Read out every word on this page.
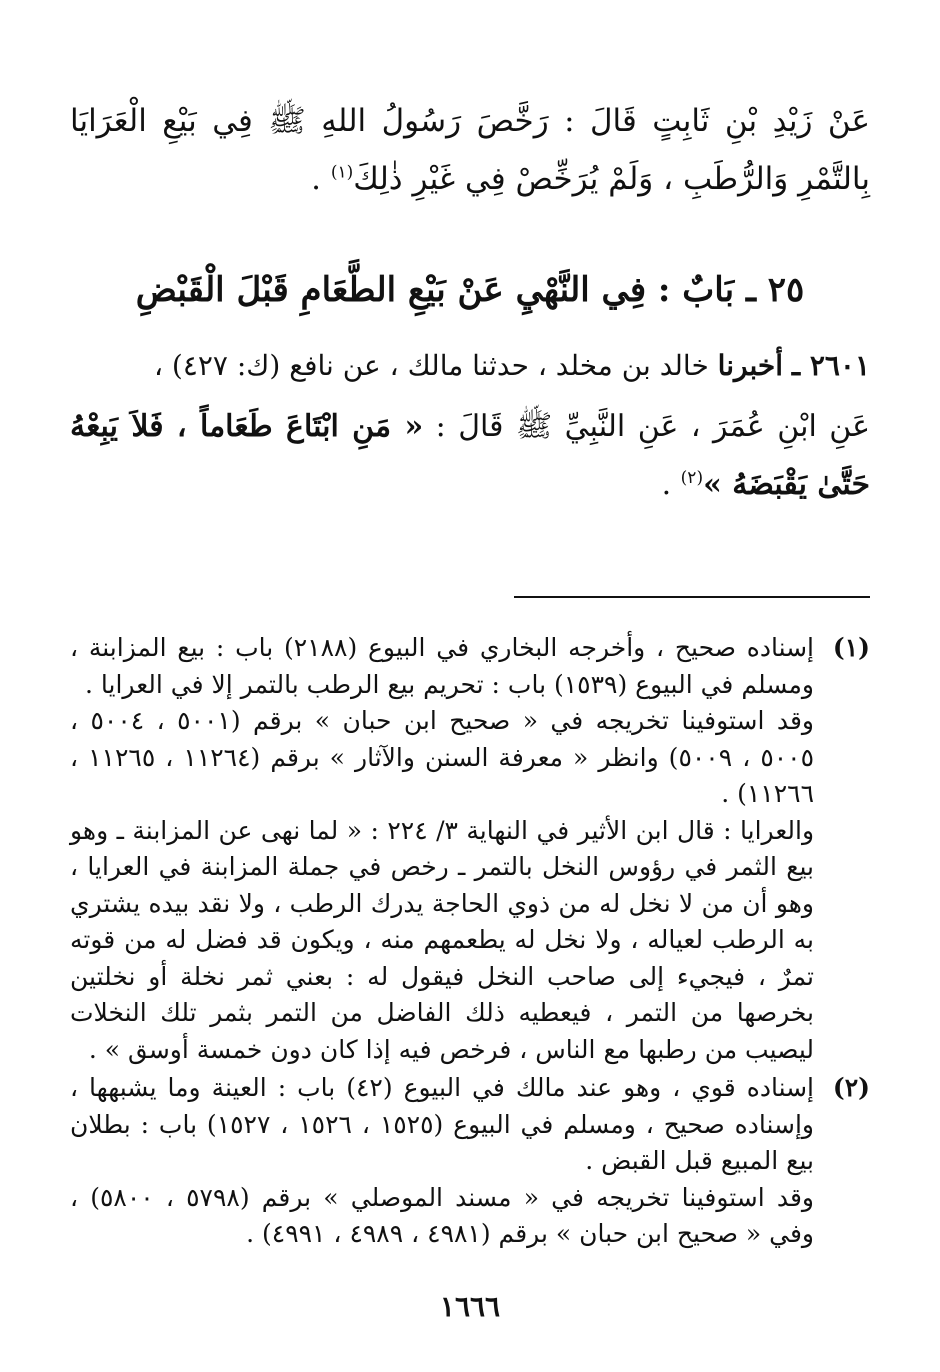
عَنْ زَيْدِ بْنِ ثَابِتٍ قَالَ : رَخَّصَ رَسُولُ اللهِ ﷺ فِي بَيْعِ الْعَرَايَا بِالتَّمْرِ وَالرُّطَبِ ، وَلَمْ يُرَخِّصْ فِي غَيْرِ ذٰلِكَ$^{(١)}$ .
٢٥ ـ بَابٌ : فِي النَّهْيِ عَنْ بَيْعِ الطَّعَامِ قَبْلَ الْقَبْضِ
٢٦٠١ ـ أخبرنا خالد بن مخلد ، حدثنا مالك ، عن نافع (ك: ٤٢٧) ،
عَنِ ابْنِ عُمَرَ ، عَنِ النَّبِيِّ ﷺ قَالَ : « مَنِ ابْتَاعَ طَعَاماً ، فَلاَ يَبِعْهُ حَتَّىٰ يَقْبَضَهُ »$^{(٢)}$ .
(١)

إسناده صحيح ، وأخرجه البخاري في البيوع (٢١٨٨) باب : بيع المزابنة ، ومسلم في البيوع (١٥٣٩) باب : تحريم بيع الرطب بالتمر إلا في العرايا .

وقد استوفينا تخريجه في « صحيح ابن حبان » برقم (٥٠٠١ ، ٥٠٠٤ ، ٥٠٠٥ ، ٥٠٠٩) وانظر « معرفة السنن والآثار » برقم (١١٢٦٤ ، ١١٢٦٥ ، ١١٢٦٦) .

والعرايا : قال ابن الأثير في النهاية ٣/ ٢٢٤ : « لما نهى عن المزابنة ـ وهو بيع الثمر في رؤوس النخل بالتمر ـ رخص في جملة المزابنة في العرايا ، وهو أن من لا نخل له من ذوي الحاجة يدرك الرطب ، ولا نقد بيده يشتري به الرطب لعياله ، ولا نخل له يطعمهم منه ، ويكون قد فضل له من قوته تمرٌ ، فيجيء إلى صاحب النخل فيقول له : بعني ثمر نخلة أو نخلتين بخرصها من التمر ، فيعطيه ذلك الفاضل من التمر بثمر تلك النخلات ليصيب من رطبها مع الناس ، فرخص فيه إذا كان دون خمسة أوسق » .

(٢)

إسناده قوي ، وهو عند مالك في البيوع (٤٢) باب : العينة وما يشبهها ، وإسناده صحيح ، ومسلم في البيوع (١٥٢٥ ، ١٥٢٦ ، ١٥٢٧) باب : بطلان بيع المبيع قبل القبض .

وقد استوفينا تخريجه في « مسند الموصلي » برقم (٥٧٩٨ ، ٥٨٠٠) ، وفي « صحيح ابن حبان » برقم (٤٩٨١ ، ٤٩٨٩ ، ٤٩٩١) .

١٦٦٦
